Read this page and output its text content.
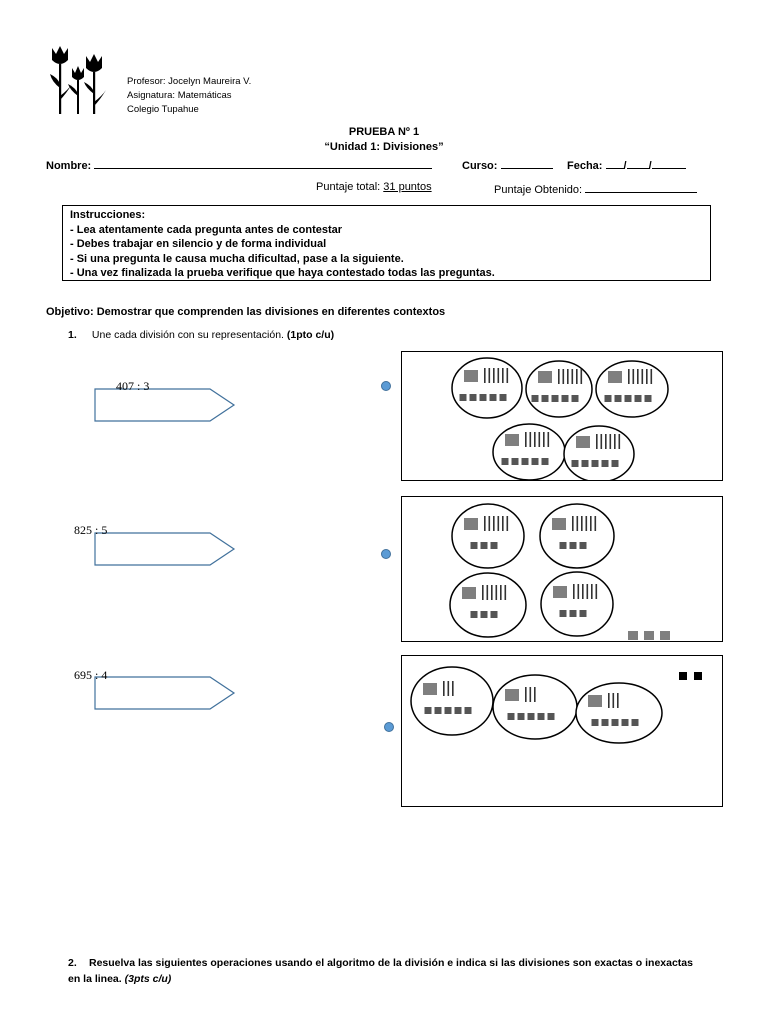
Profesor: Jocelyn Maureira V.
Asignatura: Matemáticas
Colegio Tupahue
PRUEBA Nº 1
“Unidad 1: Divisiones”
Nombre:	Curso:	Fecha: / /
Puntaje total: 31 puntos	Puntaje Obtenido:
Instrucciones:
- Lea atentamente cada pregunta antes de contestar
- Debes trabajar en silencio y de forma individual
- Si una pregunta le causa mucha dificultad, pase a la siguiente.
- Una vez finalizada la prueba verifique que haya contestado todas las preguntas.
Objetivo: Demostrar que comprenden las divisiones en diferentes contextos
1. Une cada división con su representación. (1pto c/u)
407 : 3
825 : 5
695 : 4
2. Resuelva las siguientes operaciones usando el algoritmo de la división e indica si las divisiones son exactas o inexactas en la linea. (3pts c/u)
